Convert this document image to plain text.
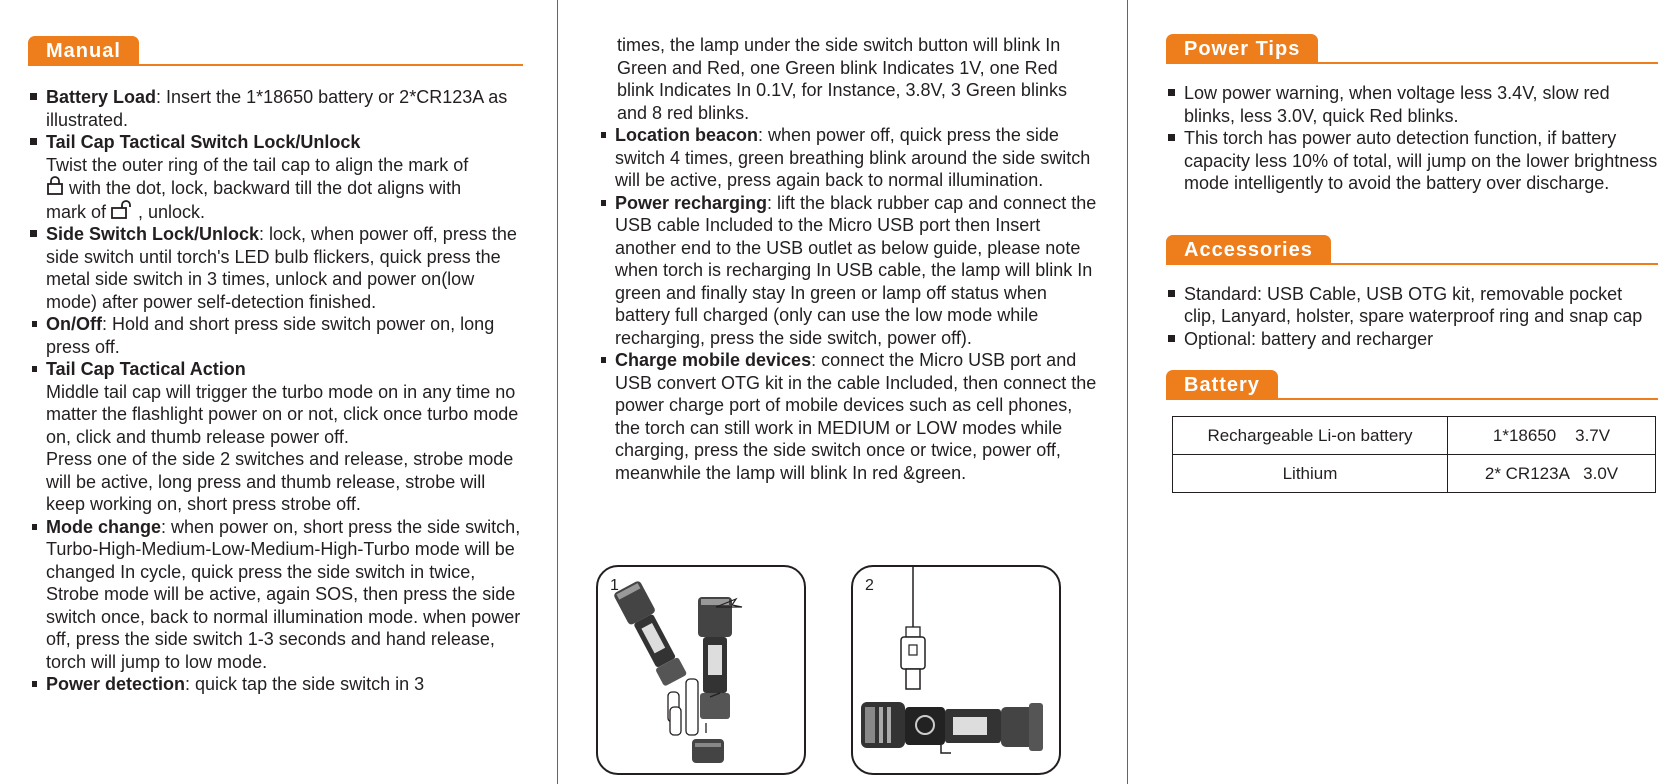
Manual
Battery Load: Insert the 1*18650 battery or 2*CR123A as illustrated.
Tail Cap Tactical Switch Lock/Unlock
Twist the outer ring of the tail cap to align the mark of
with the dot, lock, backward till the dot aligns with
mark of  , unlock.
Side Switch Lock/Unlock: lock, when power off, press the side switch until torch's LED bulb flickers, quick press the metal side switch in 3 times, unlock and power on(low mode) after power self-detection finished.
On/Off: Hold and short press side switch power on, long press off.
Tail Cap Tactical Action
Middle tail cap will trigger the turbo mode on in any time no matter the flashlight power on or not, click once turbo mode on, click and thumb release power off.
Press one of the side 2 switches and release, strobe mode will be active, long press and thumb release, strobe will keep working on, short press strobe off.
Mode change: when power on, short press the side switch, Turbo-High-Medium-Low-Medium-High-Turbo mode will be changed In cycle, quick press the side switch in twice, Strobe mode will be active, again SOS, then press the side switch once, back to normal illumination mode. when power off, press the side switch 1-3 seconds and hand release, torch will jump to low mode.
Power detection: quick tap the side switch in 3
times, the lamp under the side switch button will blink In Green and Red, one Green blink Indicates 1V, one Red blink Indicates In 0.1V, for Instance, 3.8V, 3 Green blinks and 8 red blinks.
Location beacon: when power off, quick press the side switch 4 times, green breathing blink around the side switch will be active, press again back to normal illumination.
Power recharging: lift the black rubber cap and connect the USB cable Included to the Micro USB port then Insert another end to the USB outlet as below guide, please note when torch is recharging In USB cable, the lamp will blink In green and finally stay In green or lamp off status when battery full charged (only can use the low mode while recharging, press the side switch, power off).
Charge mobile devices: connect the Micro USB port and USB convert OTG kit in the cable Included, then connect the power charge port of mobile devices such as cell phones, the torch can still work in MEDIUM or LOW modes while charging, press the side switch once or twice, power off, meanwhile the lamp will blink In red &green.
1	2
Power Tips
Low power warning, when voltage less 3.4V, slow red blinks, less 3.0V, quick Red blinks.
This torch has power auto detection function, if battery capacity less 10% of total, will jump on the lower brightness mode intelligently to avoid the battery over discharge.
Accessories
Standard: USB Cable, USB OTG kit, removable pocket clip, Lanyard, holster, spare waterproof ring and snap cap
Optional: battery and recharger
Battery
Rechargeable Li-on battery	1*18650    3.7V
Lithium	2* CR123A   3.0V
